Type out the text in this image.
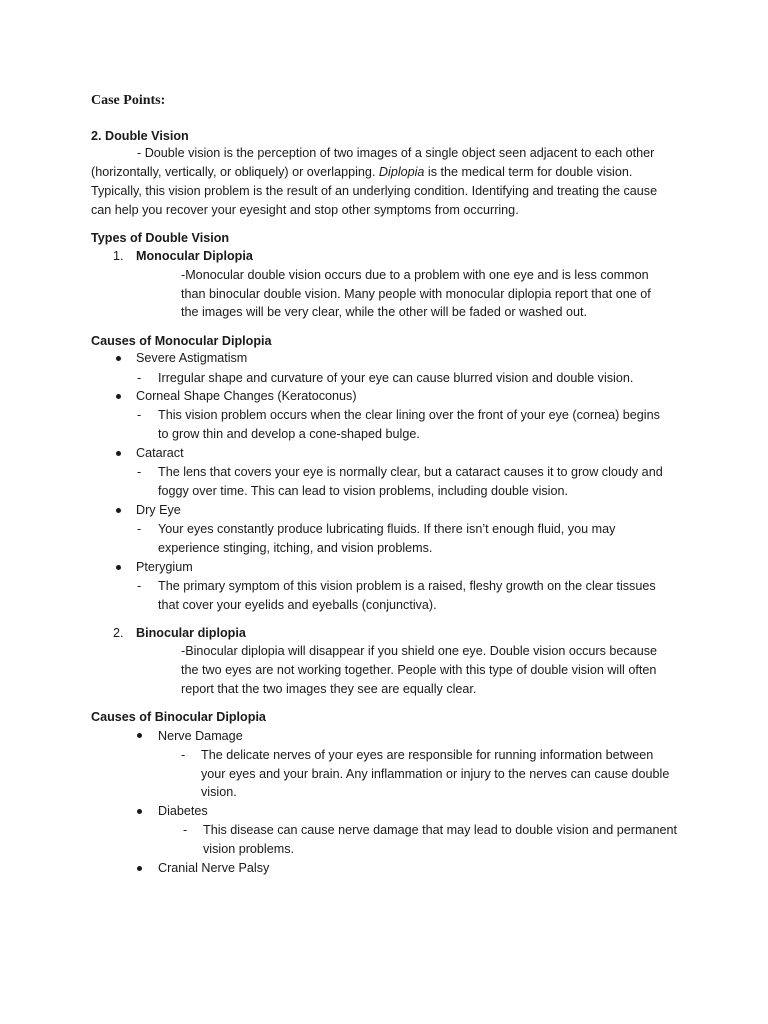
Case Points:
2. Double Vision
- Double vision is the perception of two images of a single object seen adjacent to each other
(horizontally, vertically, or obliquely) or overlapping. Diplopia is the medical term for double vision.
Typically, this vision problem is the result of an underlying condition. Identifying and treating the cause
can help you recover your eyesight and stop other symptoms from occurring.
Types of Double Vision
1. Monocular Diplopia
-Monocular double vision occurs due to a problem with one eye and is less common
than binocular double vision. Many people with monocular diplopia report that one of
the images will be very clear, while the other will be faded or washed out.
Causes of Monocular Diplopia
Severe Astigmatism
- Irregular shape and curvature of your eye can cause blurred vision and double vision.
Corneal Shape Changes (Keratoconus)
- This vision problem occurs when the clear lining over the front of your eye (cornea) begins
to grow thin and develop a cone-shaped bulge.
Cataract
- The lens that covers your eye is normally clear, but a cataract causes it to grow cloudy and
foggy over time. This can lead to vision problems, including double vision.
Dry Eye
- Your eyes constantly produce lubricating fluids. If there isn’t enough fluid, you may
experience stinging, itching, and vision problems.
Pterygium
- The primary symptom of this vision problem is a raised, fleshy growth on the clear tissues
that cover your eyelids and eyeballs (conjunctiva).
2. Binocular diplopia
-Binocular diplopia will disappear if you shield one eye. Double vision occurs because
the two eyes are not working together. People with this type of double vision will often
report that the two images they see are equally clear.
Causes of Binocular Diplopia
Nerve Damage
- The delicate nerves of your eyes are responsible for running information between
your eyes and your brain. Any inflammation or injury to the nerves can cause double
vision.
Diabetes
- This disease can cause nerve damage that may lead to double vision and permanent
vision problems.
Cranial Nerve Palsy
